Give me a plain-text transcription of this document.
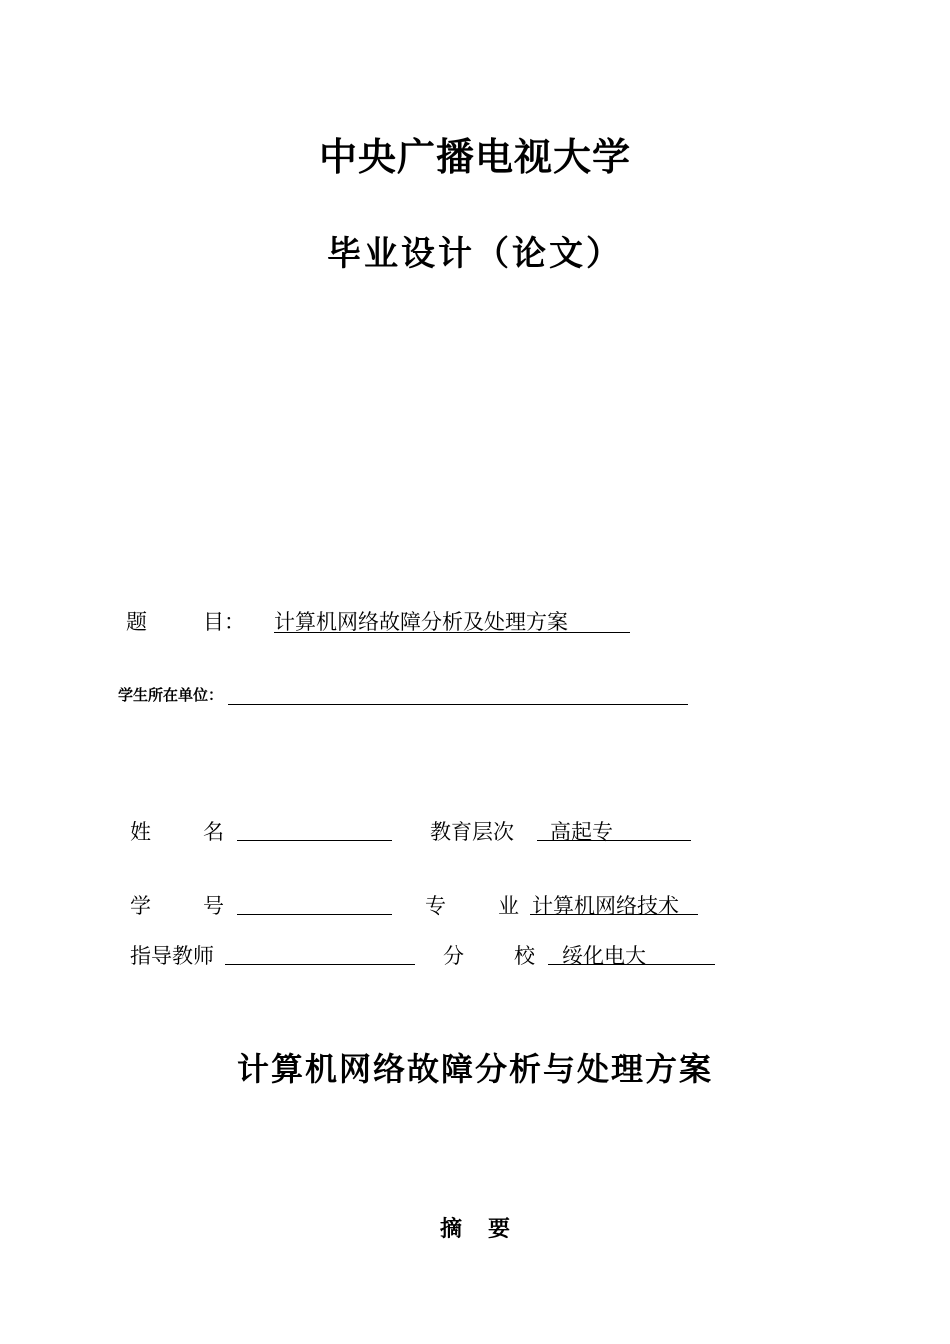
中央广播电视大学
毕业设计（论文）
题	目： 计算机网络故障分析及处理方案
学生所在单位：
姓 名	教育层次 高起专
学 号	专 业 计算机网络技术
指导教师	分 校 绥化电大
计算机网络故障分析与处理方案
摘要
